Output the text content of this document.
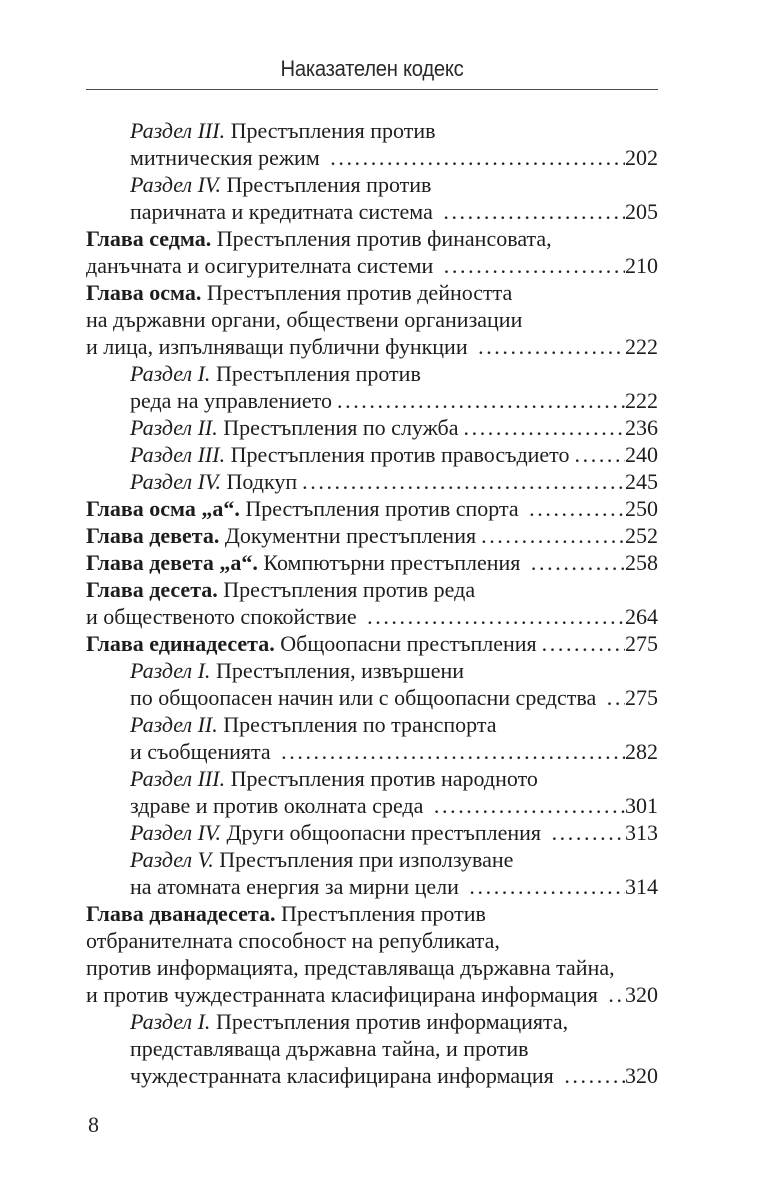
Наказателен кодекс
Раздел III. Престъпления против
митническия режим .....	202
Раздел IV. Престъпления против
паричната и кредитната система .....	205
Глава седма. Престъпления против финансовата,
данъчната и осигурителната системи .....	210
Глава осма. Престъпления против дейността
на държавни органи, обществени организации
и лица, изпълняващи публични функции .....	222
Раздел I. Престъпления против
реда на управлението .....	222
Раздел II. Престъпления по служба .....	236
Раздел III. Престъпления против правосъдието .....	240
Раздел IV. Подкуп .....	245
Глава осма „а“. Престъпления против спорта .....	250
Глава девета. Документни престъпления .....	252
Глава девета „а“. Компютърни престъпления .....	258
Глава десета. Престъпления против реда
и общественото спокойствие .....	264
Глава единадесета. Общоопасни престъпления .....	275
Раздел I. Престъпления, извършени
по общоопасен начин или с общоопасни средства ..... 275
Раздел II. Престъпления по транспорта
и съобщенията .....	282
Раздел III. Престъпления против народното
здраве и против околната среда .....	301
Раздел IV. Други общоопасни престъпления .....	313
Раздел V. Престъпления при използуване
на атомната енергия за мирни цели .....	314
Глава дванадесета. Престъпления против
отбранителната способност на републиката,
против информацията, представляваща държавна тайна,
и против чуждестранната класифицирана информация ..... 320
Раздел I. Престъпления против информацията,
представляваща държавна тайна, и против
чуждестранната класифицирана информация .....	320
8
